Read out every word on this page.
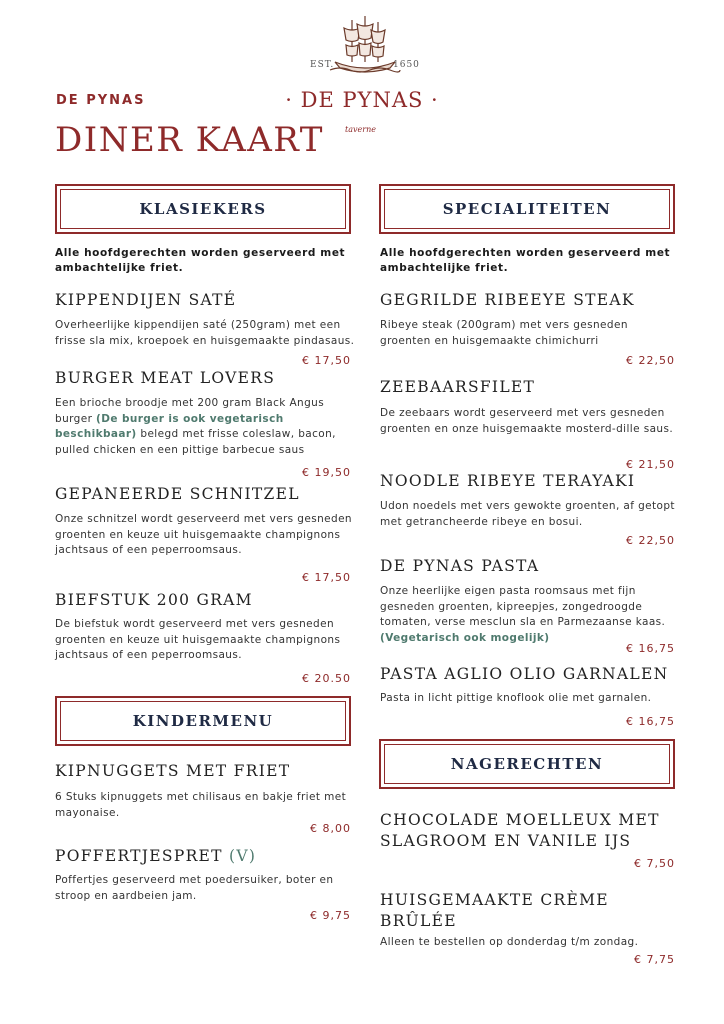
DE PYNAS
DINER KAART
EST.	1650
· DE PYNAS ·
taverne
KLASIEKERS
Alle hoofdgerechten worden geserveerd met ambachtelijke friet.
KIPPENDIJEN SATÉ
Overheerlijke kippendijen saté (250gram) met een frisse sla mix, kroepoek en huisgemaakte pindasaus.
€ 17,50
BURGER MEAT LOVERS
Een brioche broodje met 200 gram Black Angus burger (De burger is ook vegetarisch beschikbaar) belegd met frisse coleslaw, bacon, pulled chicken en een pittige barbecue saus
€ 19,50
GEPANEERDE SCHNITZEL
Onze schnitzel wordt geserveerd met vers gesneden groenten en keuze uit huisgemaakte champignons jachtsaus of een peperroomsaus.
€ 17,50
BIEFSTUK 200 GRAM
De biefstuk wordt geserveerd met vers gesneden groenten en keuze uit huisgemaakte champignons jachtsaus of een peperroomsaus.
€ 20.50
KINDERMENU
KIPNUGGETS MET FRIET
6 Stuks kipnuggets met chilisaus en bakje friet met mayonaise.
€ 8,00
POFFERTJESPRET (V)
Poffertjes geserveerd met poedersuiker, boter en stroop en aardbeien jam.
€ 9,75
SPECIALITEITEN
Alle hoofdgerechten worden geserveerd met ambachtelijke friet.
GEGRILDE RIBEEYE STEAK
Ribeye steak (200gram) met vers gesneden groenten en huisgemaakte chimichurri
€ 22,50
ZEEBAARSFILET
De zeebaars wordt geserveerd met vers gesneden groenten en onze huisgemaakte mosterd-dille saus.
€ 21,50
NOODLE RIBEYE TERAYAKI
Udon noedels met vers gewokte groenten, af getopt met getrancheerde ribeye en bosui.
€ 22,50
DE PYNAS PASTA
Onze heerlijke eigen pasta roomsaus met fijn gesneden groenten, kipreepjes, zongedroogde tomaten, verse mesclun sla en Parmezaanse kaas. (Vegetarisch ook mogelijk)
€ 16,75
PASTA AGLIO OLIO GARNALEN
Pasta in licht pittige knoflook olie met garnalen.
€ 16,75
NAGERECHTEN
CHOCOLADE MOELLEUX MET
SLAGROOM EN VANILE IJS
€ 7,50
HUISGEMAAKTE CRÈME
BRÛLÉE
Alleen te bestellen op donderdag t/m zondag.
€ 7,75
